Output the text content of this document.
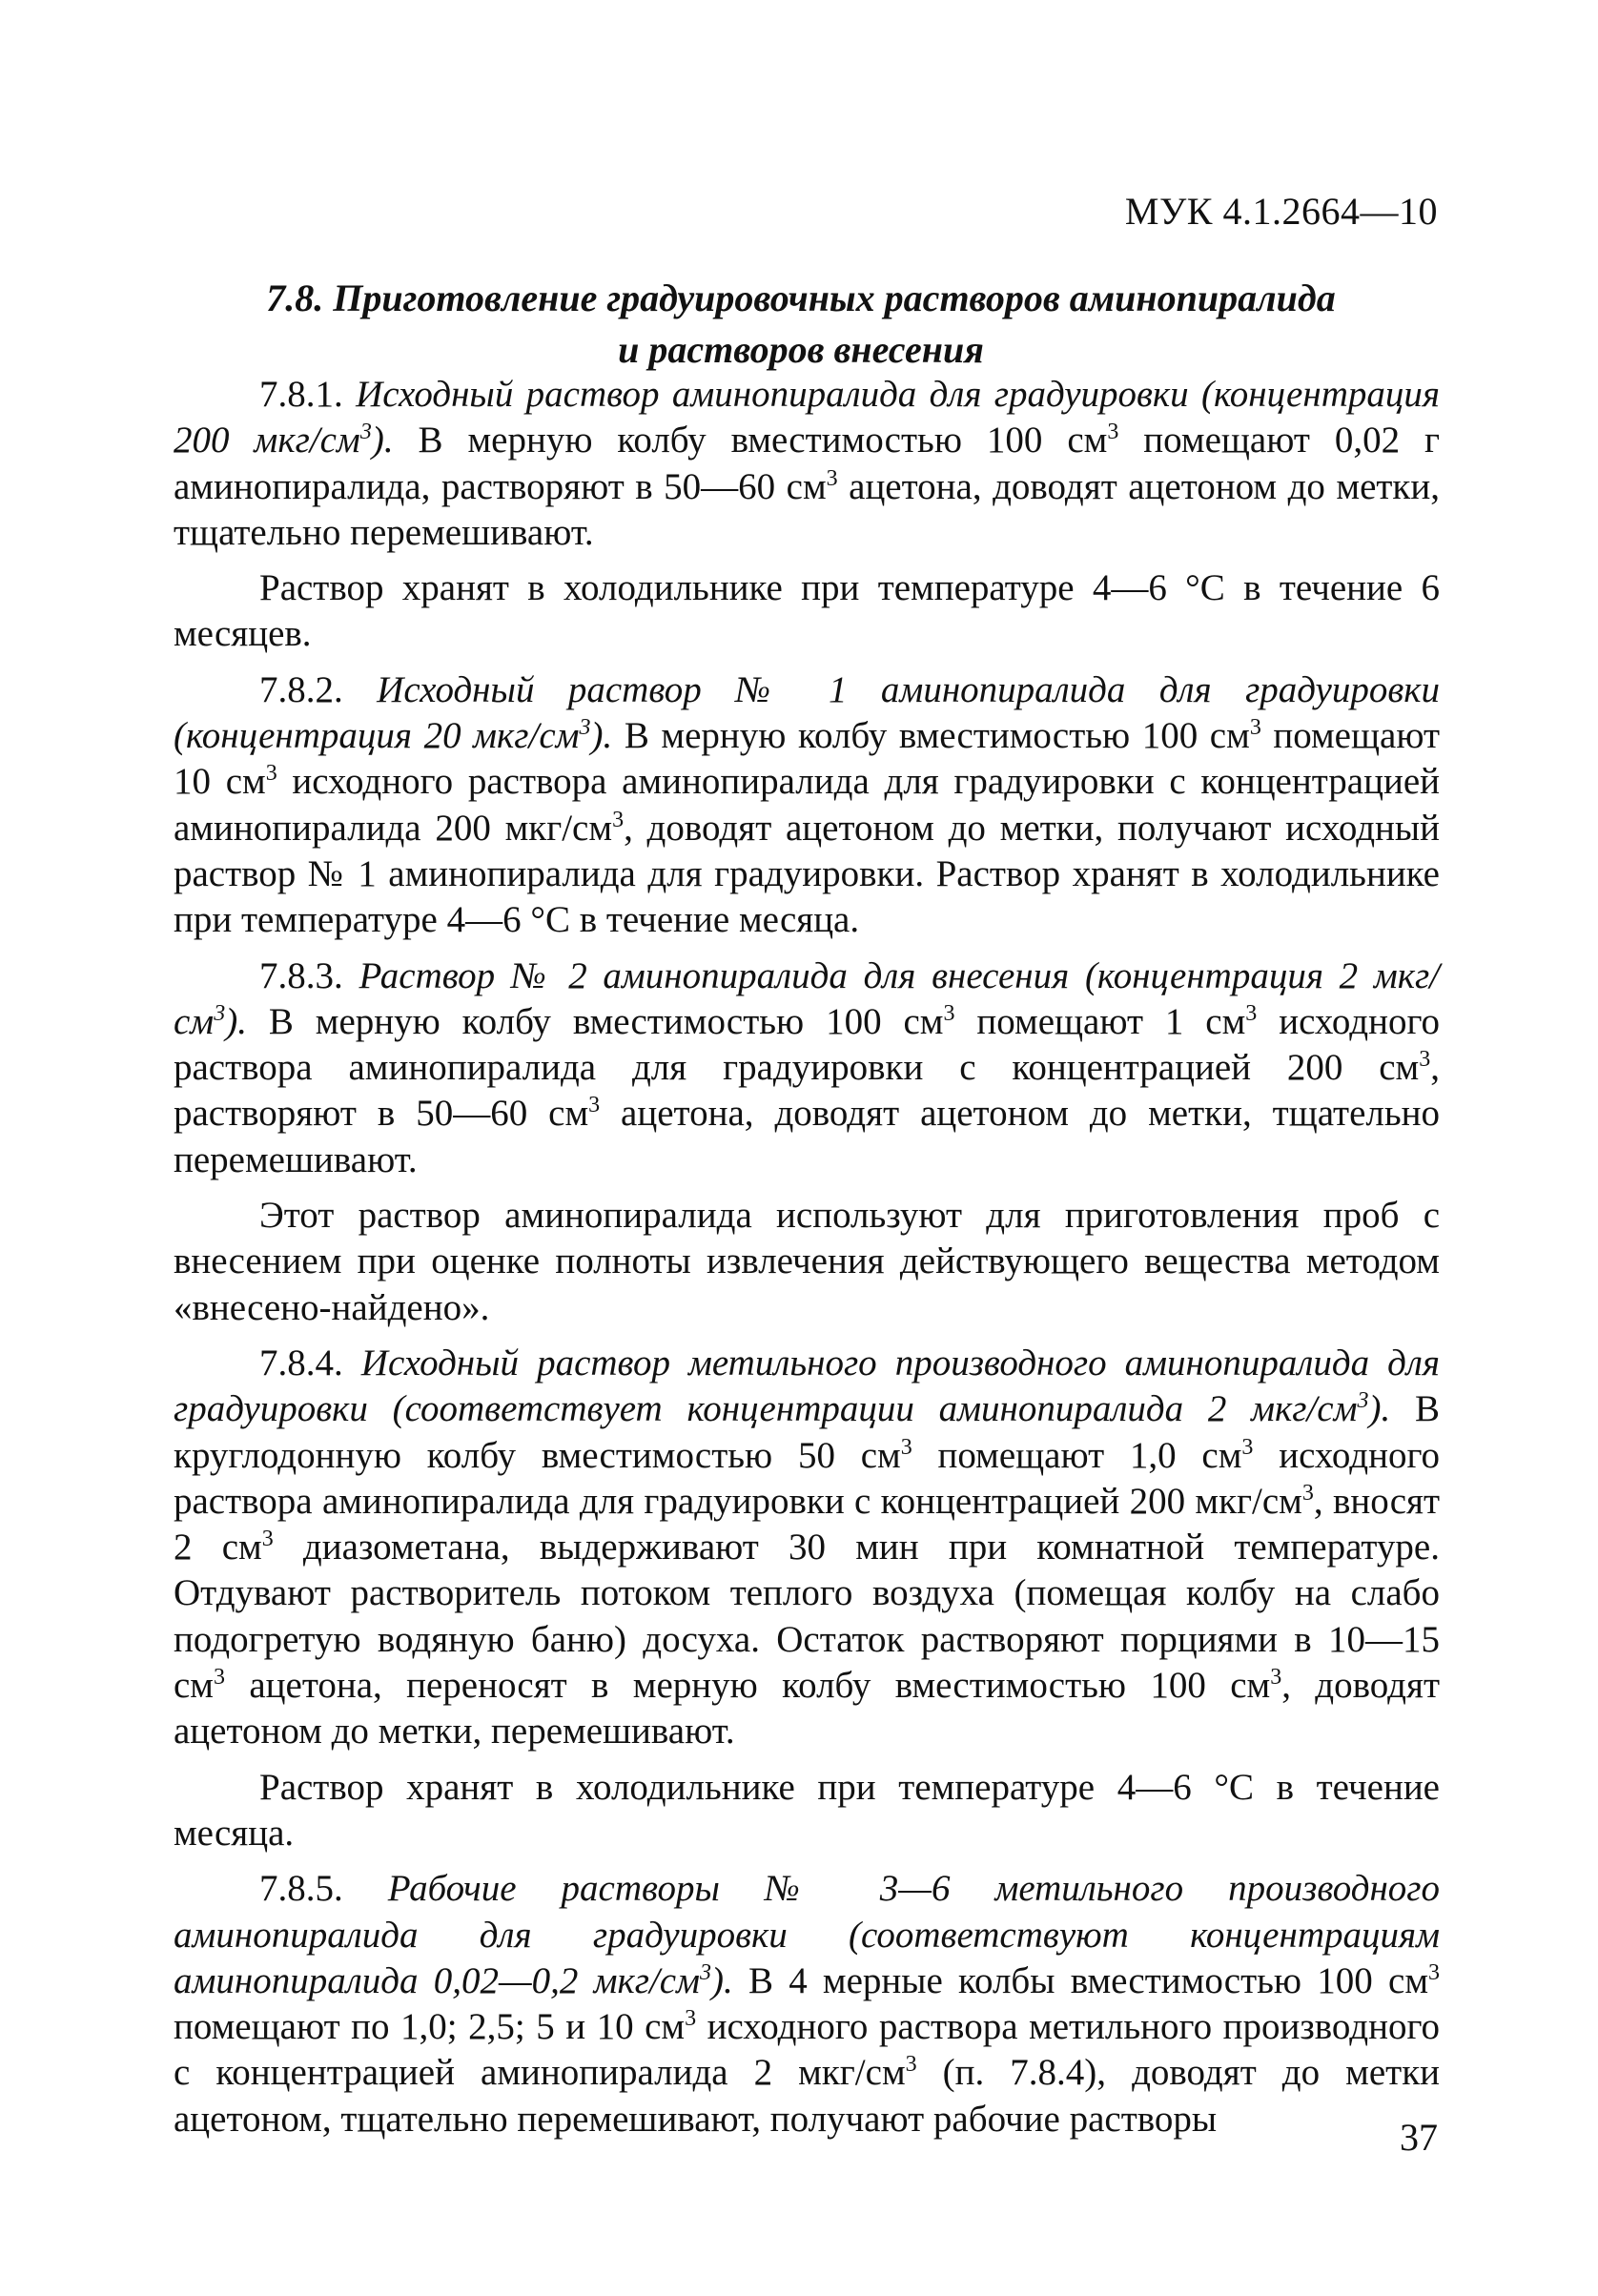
МУК 4.1.2664—10
7.8. Приготовление градуировочных растворов аминопиралида
и растворов внесения

7.8.1. Исходный раствор аминопиралида для градуировки (концентрация 200 мкг/$см^3$). В мерную колбу вместимостью 100 $см^3$ помещают 0,02 г аминопиралида, растворяют в 50—60 $см^3$ ацетона, доводят ацетоном до метки, тщательно перемешивают.

Раствор хранят в холодильнике при температуре 4—6 °С в течение 6 месяцев.

7.8.2. Исходный раствор № 1 аминопиралида для градуировки (концентрация 20 мкг/$см^3$). В мерную колбу вместимостью 100 $см^3$ помещают 10 $см^3$ исходного раствора аминопиралида для градуировки с концентрацией аминопиралида 200 мкг/$см^3$, доводят ацетоном до метки, получают исходный раствор № 1 аминопиралида для градуировки. Раствор хранят в холодильнике при температуре 4—6 °С в течение месяца.

7.8.3. Раствор № 2 аминопиралида для внесения (концентрация 2 мкг/$см^3$). В мерную колбу вместимостью 100 $см^3$ помещают 1 $см^3$ исходного раствора аминопиралида для градуировки с концентрацией 200 $см^3$, растворяют в 50—60 $см^3$ ацетона, доводят ацетоном до метки, тщательно перемешивают.

Этот раствор аминопиралида используют для приготовления проб с внесением при оценке полноты извлечения действующего вещества методом «внесено-найдено».

7.8.4. Исходный раствор метильного производного аминопиралида для градуировки (соответствует концентрации аминопиралида 2 мкг/$см^3$). В круглодонную колбу вместимостью 50 $см^3$ помещают 1,0 $см^3$ исходного раствора аминопиралида для градуировки с концентрацией 200 мкг/$см^3$, вносят 2 $см^3$ диазометана, выдерживают 30 мин при комнатной температуре. Отдувают растворитель потоком теплого воздуха (помещая колбу на слабо подогретую водяную баню) досуха. Остаток растворяют порциями в 10—15 $см^3$ ацетона, переносят в мерную колбу вместимостью 100 $см^3$, доводят ацетоном до метки, перемешивают.

Раствор хранят в холодильнике при температуре 4—6 °С в течение месяца.

7.8.5. Рабочие растворы № 3—6 метильного производного аминопиралида для градуировки (соответствуют концентрациям аминопиралида 0,02—0,2 мкг/$см^3$). В 4 мерные колбы вместимостью 100 $см^3$ помещают по 1,0; 2,5; 5 и 10 $см^3$ исходного раствора метильного производного с концентрацией аминопиралида 2 мкг/$см^3$ (п. 7.8.4), доводят до метки ацетоном, тщательно перемешивают, получают рабочие растворы	37
